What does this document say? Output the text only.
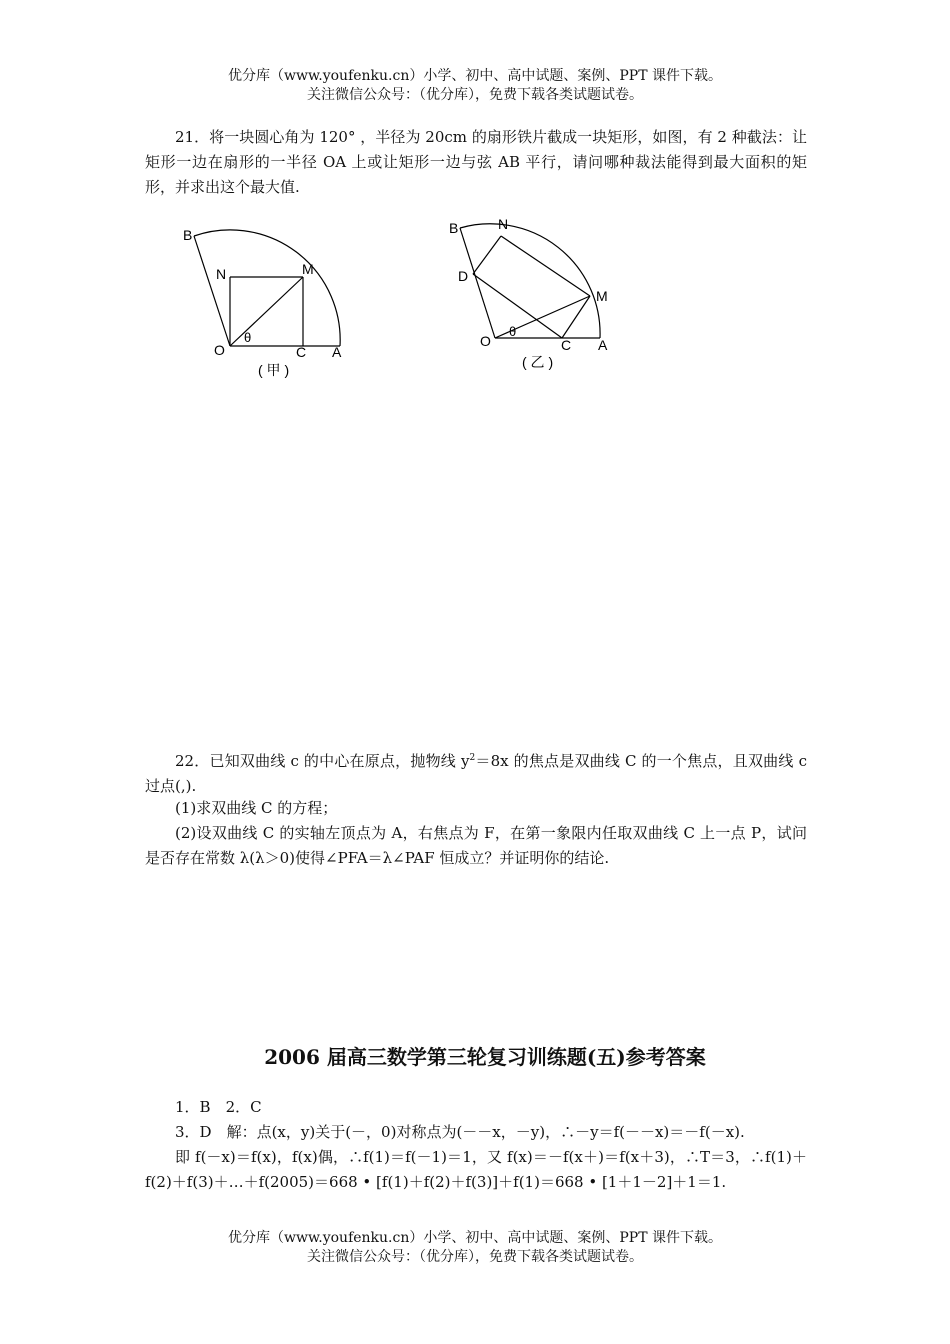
优分库（www.youfenku.cn）小学、初中、高中试题、案例、PPT 课件下载。
关注微信公众号：（优分库），免费下载各类试题试卷。
21．将一块圆心角为 120° ，半径为 20cm 的扇形铁片截成一块矩形，如图，有 2 种截法：让矩形一边在扇形的一半径 OA 上或让矩形一边与弦 AB 平行，请问哪种裁法能得到最大面积的矩形，并求出这个最大值.
B
N	M
θ
O	C A
( 甲 )
B	N
D
M
θ
O	C A
( 乙 )
22．已知双曲线 c 的中心在原点，抛物线 $y^2=8x$ 的焦点是双曲线 C 的一个焦点，且双曲线 c 过点(,).
(1)求双曲线 C 的方程；
(2)设双曲线 C 的实轴左顶点为 A，右焦点为 F，在第一象限内任取双曲线 C 上一点 P，试问是否存在常数 λ(λ＞0)使得∠PFA＝λ∠PAF 恒成立？并证明你的结论.
2006 届高三数学第三轮复习训练题(五)参考答案
1．B　2．C
3．D　解：点(x，y)关于(－，0)对称点为(－－x，－y)，∴－y＝f(－－x)＝－f(－x).
即 f(－x)＝f(x)，f(x)偶，∴f(1)＝f(－1)＝1，又 f(x)＝－f(x＋)＝f(x＋3)，∴T＝3，∴f(1)＋f(2)＋f(3)＋…＋f(2005)＝668 • [f(1)＋f(2)＋f(3)]＋f(1)＝668 • [1＋1－2]＋1＝1.
优分库（www.youfenku.cn）小学、初中、高中试题、案例、PPT 课件下载。
关注微信公众号：（优分库），免费下载各类试题试卷。
